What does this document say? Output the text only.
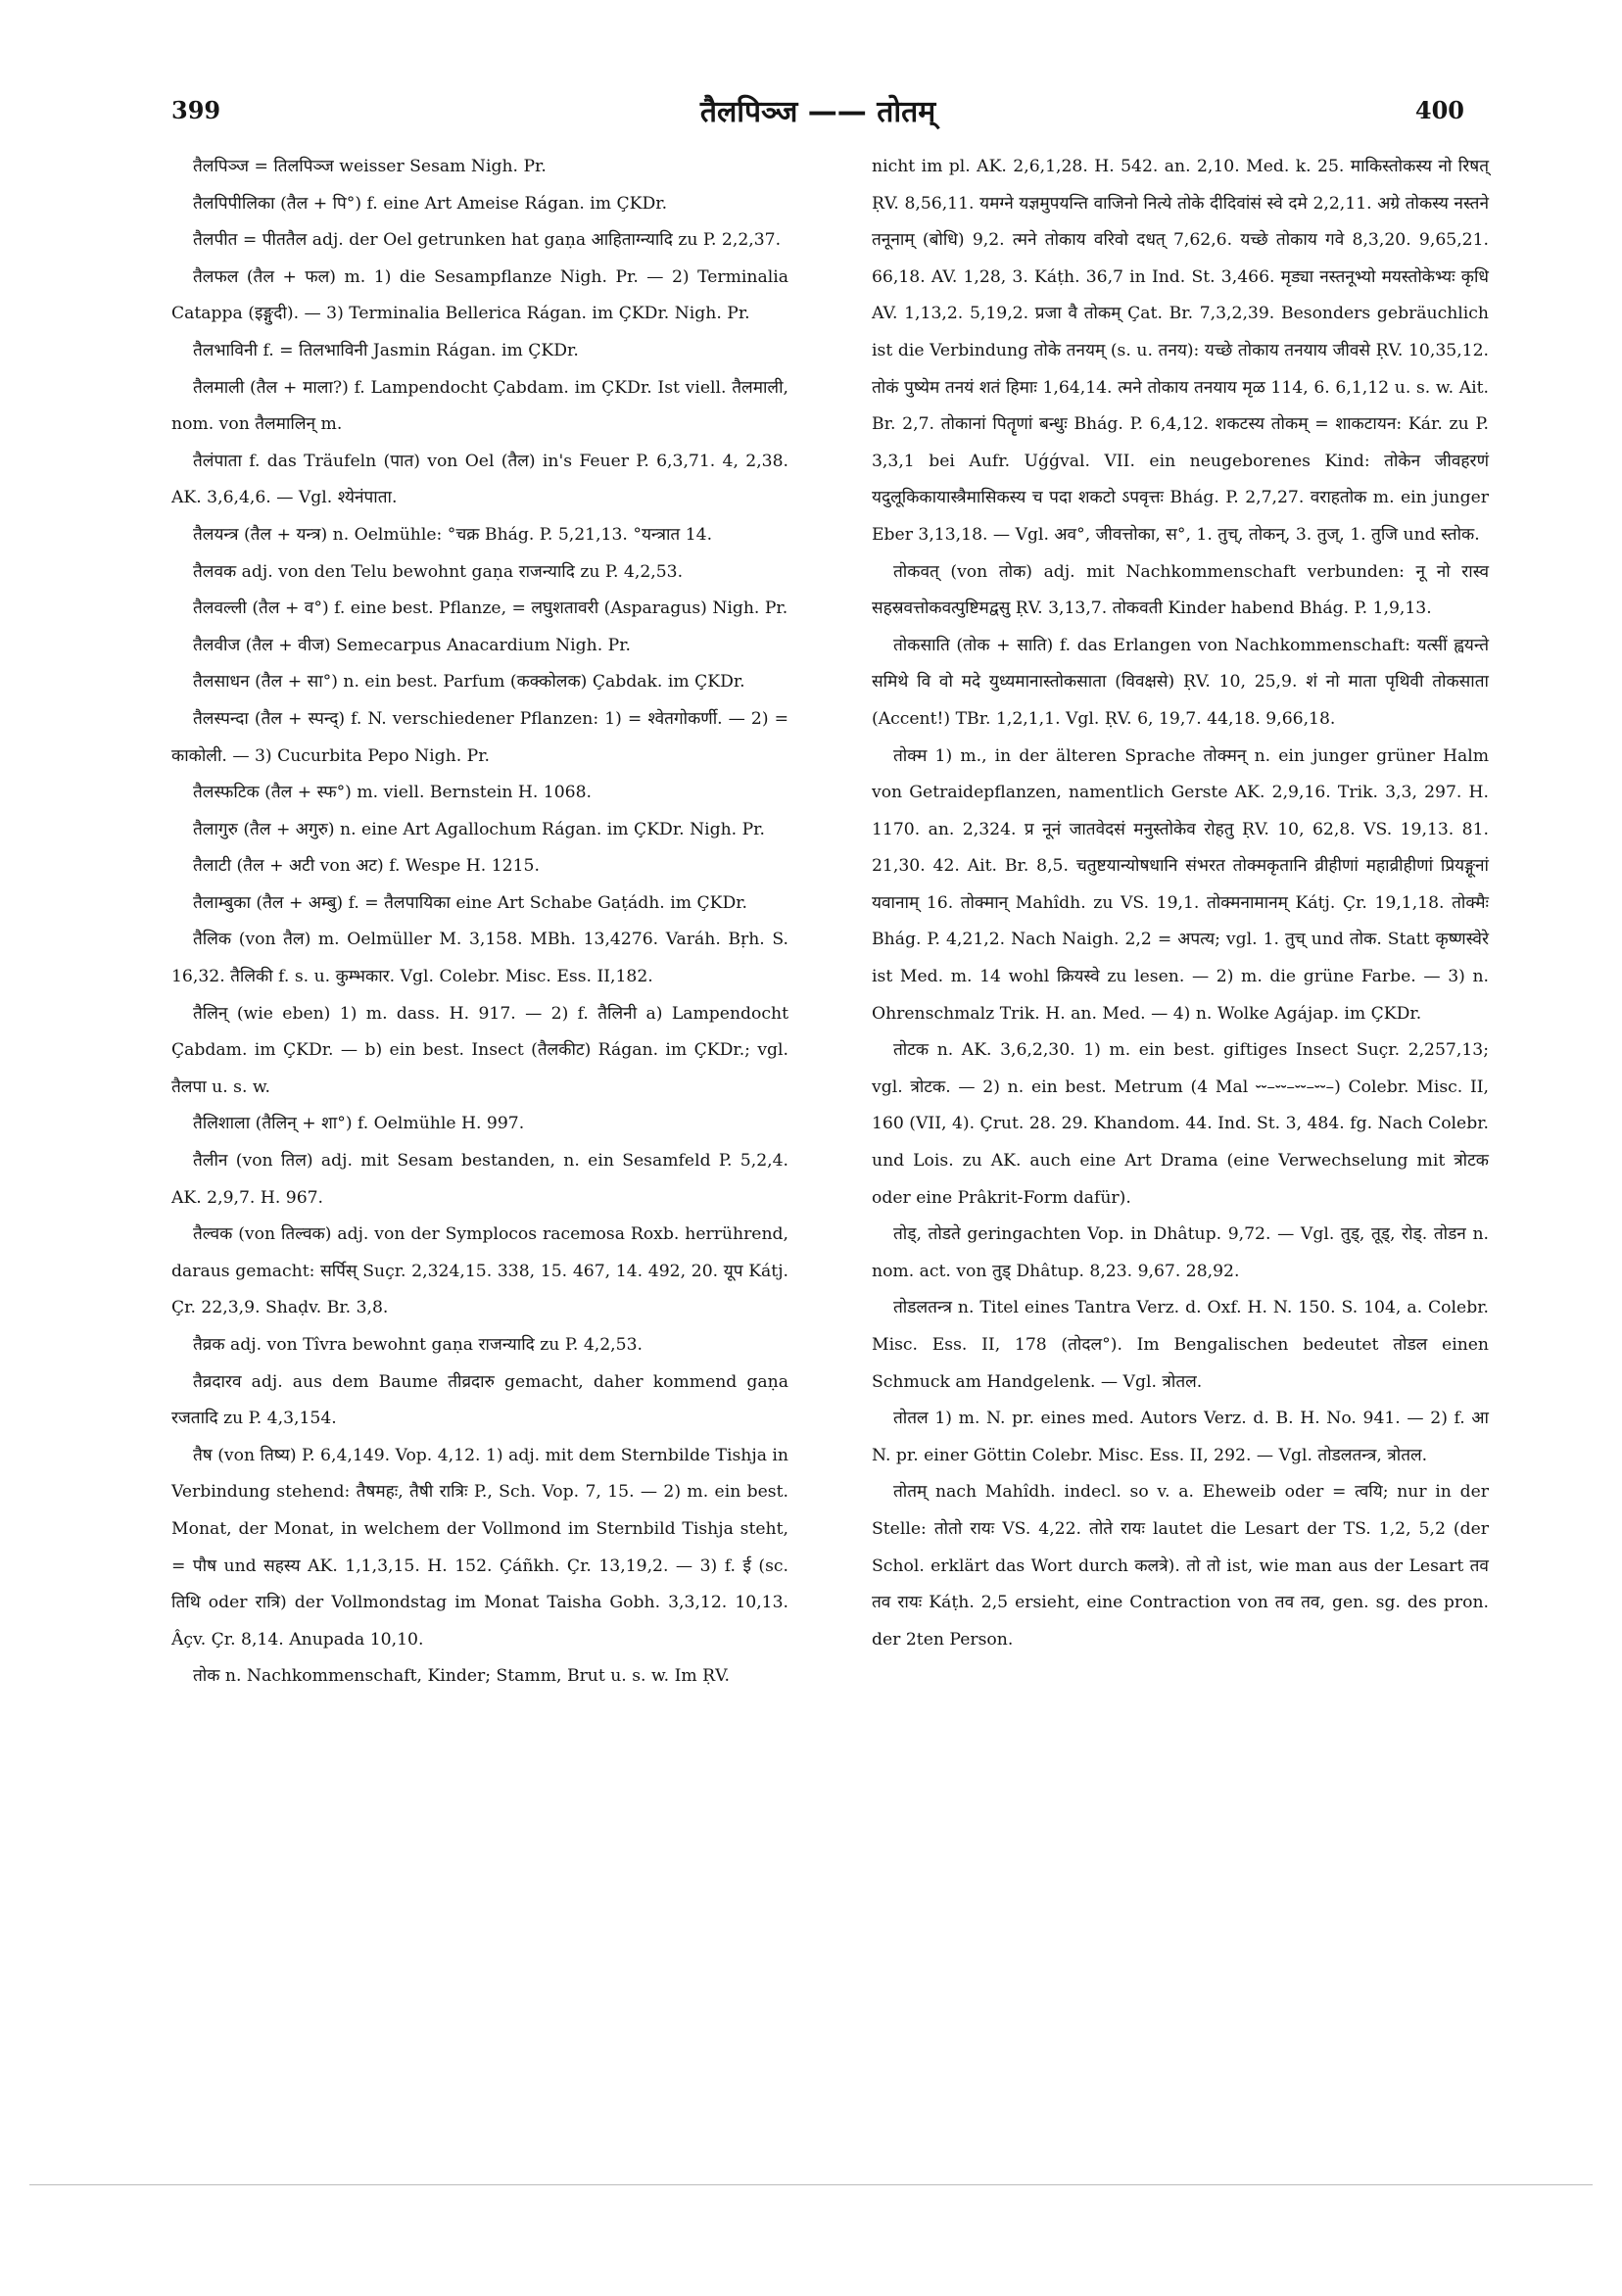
399	तैलपिञ्ज —— तोतम्	400

तैलपिञ्ज = तिलपिञ्ज weisser Sesam Nigh. Pr.

तैलपिपीलिका (तैल + पि°) f. eine Art Ameise Rágan. im ÇKDr.

तैलपीत = पीततैल adj. der Oel getrunken hat gaṇa आहिताग्न्यादि zu P. 2,2,37.

तैलफल (तैल + फल) m. 1) die Sesampflanze Nigh. Pr. — 2) Terminalia Catappa (इङ्गुदी). — 3) Terminalia Bellerica Rágan. im ÇKDr. Nigh. Pr.

तैलभाविनी f. = तिलभाविनी Jasmin Rágan. im ÇKDr.

तैलमाली (तैल + माला?) f. Lampendocht Çabdam. im ÇKDr. Ist viell. तैलमाली, nom. von तैलमालिन् m.

तैलंपाता f. das Träufeln (पात) von Oel (तैल) in's Feuer P. 6,3,71. 4, 2,38. AK. 3,6,4,6. — Vgl. श्येनंपाता.

तैलयन्त्र (तैल + यन्त्र) n. Oelmühle: °चक्र Bhág. P. 5,21,13. °यन्त्रात 14.

तैलवक adj. von den Telu bewohnt gaṇa राजन्यादि zu P. 4,2,53.

तैलवल्ली (तैल + व°) f. eine best. Pflanze, = लघुशतावरी (Asparagus) Nigh. Pr.

तैलवीज (तैल + वीज) Semecarpus Anacardium Nigh. Pr.

तैलसाधन (तैल + सा°) n. ein best. Parfum (कक्कोलक) Çabdak. im ÇKDr.

तैलस्पन्दा (तैल + स्पन्द्) f. N. verschiedener Pflanzen: 1) = श्वेतगोकर्णी. — 2) = काकोली. — 3) Cucurbita Pepo Nigh. Pr.

तैलस्फटिक (तैल + स्फ°) m. viell. Bernstein H. 1068.

तैलागुरु (तैल + अगुरु) n. eine Art Agallochum Rágan. im ÇKDr. Nigh. Pr.

तैलाटी (तैल + अटी von अट) f. Wespe H. 1215.

तैलाम्बुका (तैल + अम्बु) f. = तैलपायिका eine Art Schabe Gaṭádh. im ÇKDr.

तैलिक (von तैल) m. Oelmüller M. 3,158. MBh. 13,4276. Varáh. Bṛh. S. 16,32. तैलिकी f. s. u. कुम्भकार. Vgl. Colebr. Misc. Ess. II,182.

तैलिन् (wie eben) 1) m. dass. H. 917. — 2) f. तैलिनी a) Lampendocht Çabdam. im ÇKDr. — b) ein best. Insect (तैलकीट) Rágan. im ÇKDr.; vgl. तैलपा u. s. w.

तैलिशाला (तैलिन् + शा°) f. Oelmühle H. 997.

तैलीन (von तिल) adj. mit Sesam bestanden, n. ein Sesamfeld P. 5,2,4. AK. 2,9,7. H. 967.

तैल्वक (von तिल्वक) adj. von der Symplocos racemosa Roxb. herrührend, daraus gemacht: सर्पिस् Suçr. 2,324,15. 338, 15. 467, 14. 492, 20. यूप Kátj. Çr. 22,3,9. Shaḍv. Br. 3,8.

तैव्रक adj. von Tîvra bewohnt gaṇa राजन्यादि zu P. 4,2,53.

तैव्रदारव adj. aus dem Baume तीव्रदारु gemacht, daher kommend gaṇa रजतादि zu P. 4,3,154.

तैष (von तिष्य) P. 6,4,149. Vop. 4,12. 1) adj. mit dem Sternbilde Tishja in Verbindung stehend: तैषमहः, तैषी रात्रिः P., Sch. Vop. 7, 15. — 2) m. ein best. Monat, der Monat, in welchem der Vollmond im Sternbild Tishja steht, = पौष und सहस्य AK. 1,1,3,15. H. 152. Çáñkh. Çr. 13,19,2. — 3) f. ई (sc. तिथि oder रात्रि) der Vollmondstag im Monat Taisha Gobh. 3,3,12. 10,13. Âçv. Çr. 8,14. Anupada 10,10.

तोक n. Nachkommenschaft, Kinder; Stamm, Brut u. s. w. Im ṚV.

nicht im pl. AK. 2,6,1,28. H. 542. an. 2,10. Med. k. 25. माकिस्तोकस्य नो रिषत् ṚV. 8,56,11. यमग्ने यज्ञमुपयन्ति वाजिनो नित्ये तोके दीदिवांसं स्वे दमे 2,2,11. अग्रे तोकस्य नस्तने तनूनाम् (बोधि) 9,2. त्मने तोकाय वरिवो दधत् 7,62,6. यच्छे तोकाय गवे 8,3,20. 9,65,21. 66,18. AV. 1,28, 3. Káṭh. 36,7 in Ind. St. 3,466. मृड्या नस्तनूभ्यो मयस्तोकेभ्यः कृधि AV. 1,13,2. 5,19,2. प्रजा वै तोकम् Çat. Br. 7,3,2,39. Besonders gebräuchlich ist die Verbindung तोके तनयम् (s. u. तनय): यच्छे तोकाय तनयाय जीवसे ṚV. 10,35,12. तोकं पुष्येम तनयं शतं हिमाः 1,64,14. त्मने तोकाय तनयाय मृळ 114, 6. 6,1,12 u. s. w. Ait. Br. 2,7. तोकानां पितॄणां बन्धुः Bhág. P. 6,4,12. शकटस्य तोकम् = शाकटायन: Kár. zu P. 3,3,1 bei Aufr. Uǵǵval. VII. ein neugeborenes Kind: तोकेन जीवहरणं यदुलूकिकायास्त्रैमासिकस्य च पदा शकटो ऽपवृत्तः Bhág. P. 2,7,27. वराहतोक m. ein junger Eber 3,13,18. — Vgl. अव°, जीवत्तोका, स°, 1. तुच्, तोकन्, 3. तुज्, 1. तुजि und स्तोक.

तोकवत् (von तोक) adj. mit Nachkommenschaft verbunden: नू नो रास्व सहस्रवत्तोकवत्पुष्टिमद्वसु ṚV. 3,13,7. तोकवती Kinder habend Bhág. P. 1,9,13.

तोकसाति (तोक + साति) f. das Erlangen von Nachkommenschaft: यत्सीं ह्वयन्ते समिथे वि वो मदे युध्यमानास्तोकसाता (विवक्षसे) ṚV. 10, 25,9. शं नो माता पृथिवी तोकसाता (Accent!) TBr. 1,2,1,1. Vgl. ṚV. 6, 19,7. 44,18. 9,66,18.

तोक्म 1) m., in der älteren Sprache तोक्मन् n. ein junger grüner Halm von Getraidepflanzen, namentlich Gerste AK. 2,9,16. Trik. 3,3, 297. H. 1170. an. 2,324. प्र नूनं जातवेदसं मनुस्तोकेव रोहतु ṚV. 10, 62,8. VS. 19,13. 81. 21,30. 42. Ait. Br. 8,5. चतुष्टयान्योषधानि संभरत तोक्मकृतानि व्रीहीणां महाव्रीहीणां प्रियङ्गूनां यवानाम् 16. तोक्मान् Mahîdh. zu VS. 19,1. तोक्मनामानम् Kátj. Çr. 19,1,18. तोक्मैः Bhág. P. 4,21,2. Nach Naigh. 2,2 = अपत्य; vgl. 1. तुच् und तोक. Statt कृष्णस्वेरे ist Med. m. 14 wohl क्रियस्वे zu lesen. — 2) m. die grüne Farbe. — 3) n. Ohrenschmalz Trik. H. an. Med. — 4) n. Wolke Agájap. im ÇKDr.

तोटक n. AK. 3,6,2,30. 1) m. ein best. giftiges Insect Suçr. 2,257,13; vgl. त्रोटक. — 2) n. ein best. Metrum (4 Mal ⏑⏑–⏑⏑–⏑⏑–⏑⏑–) Colebr. Misc. II, 160 (VII, 4). Çrut. 28. 29. Khandom. 44. Ind. St. 3, 484. fg. Nach Colebr. und Lois. zu AK. auch eine Art Drama (eine Verwechselung mit त्रोटक oder eine Prâkrit-Form dafür).

तोड्, तोडते geringachten Vop. in Dhâtup. 9,72. — Vgl. तुड्, तूड्, रोड्. तोडन n. nom. act. von तुड् Dhâtup. 8,23. 9,67. 28,92.

तोडलतन्त्र n. Titel eines Tantra Verz. d. Oxf. H. N. 150. S. 104, a. Colebr. Misc. Ess. II, 178 (तोदल°). Im Bengalischen bedeutet तोडल einen Schmuck am Handgelenk. — Vgl. त्रोतल.

तोतल 1) m. N. pr. eines med. Autors Verz. d. B. H. No. 941. — 2) f. आ N. pr. einer Göttin Colebr. Misc. Ess. II, 292. — Vgl. तोडलतन्त्र, त्रोतल.

तोतम् nach Mahîdh. indecl. so v. a. Eheweib oder = त्वयि; nur in der Stelle: तोतो रायः VS. 4,22. तोते रायः lautet die Lesart der TS. 1,2, 5,2 (der Schol. erklärt das Wort durch कलत्रे). तो तो ist, wie man aus der Lesart तव तव रायः Káṭh. 2,5 ersieht, eine Contraction von तव तव, gen. sg. des pron. der 2ten Person.
